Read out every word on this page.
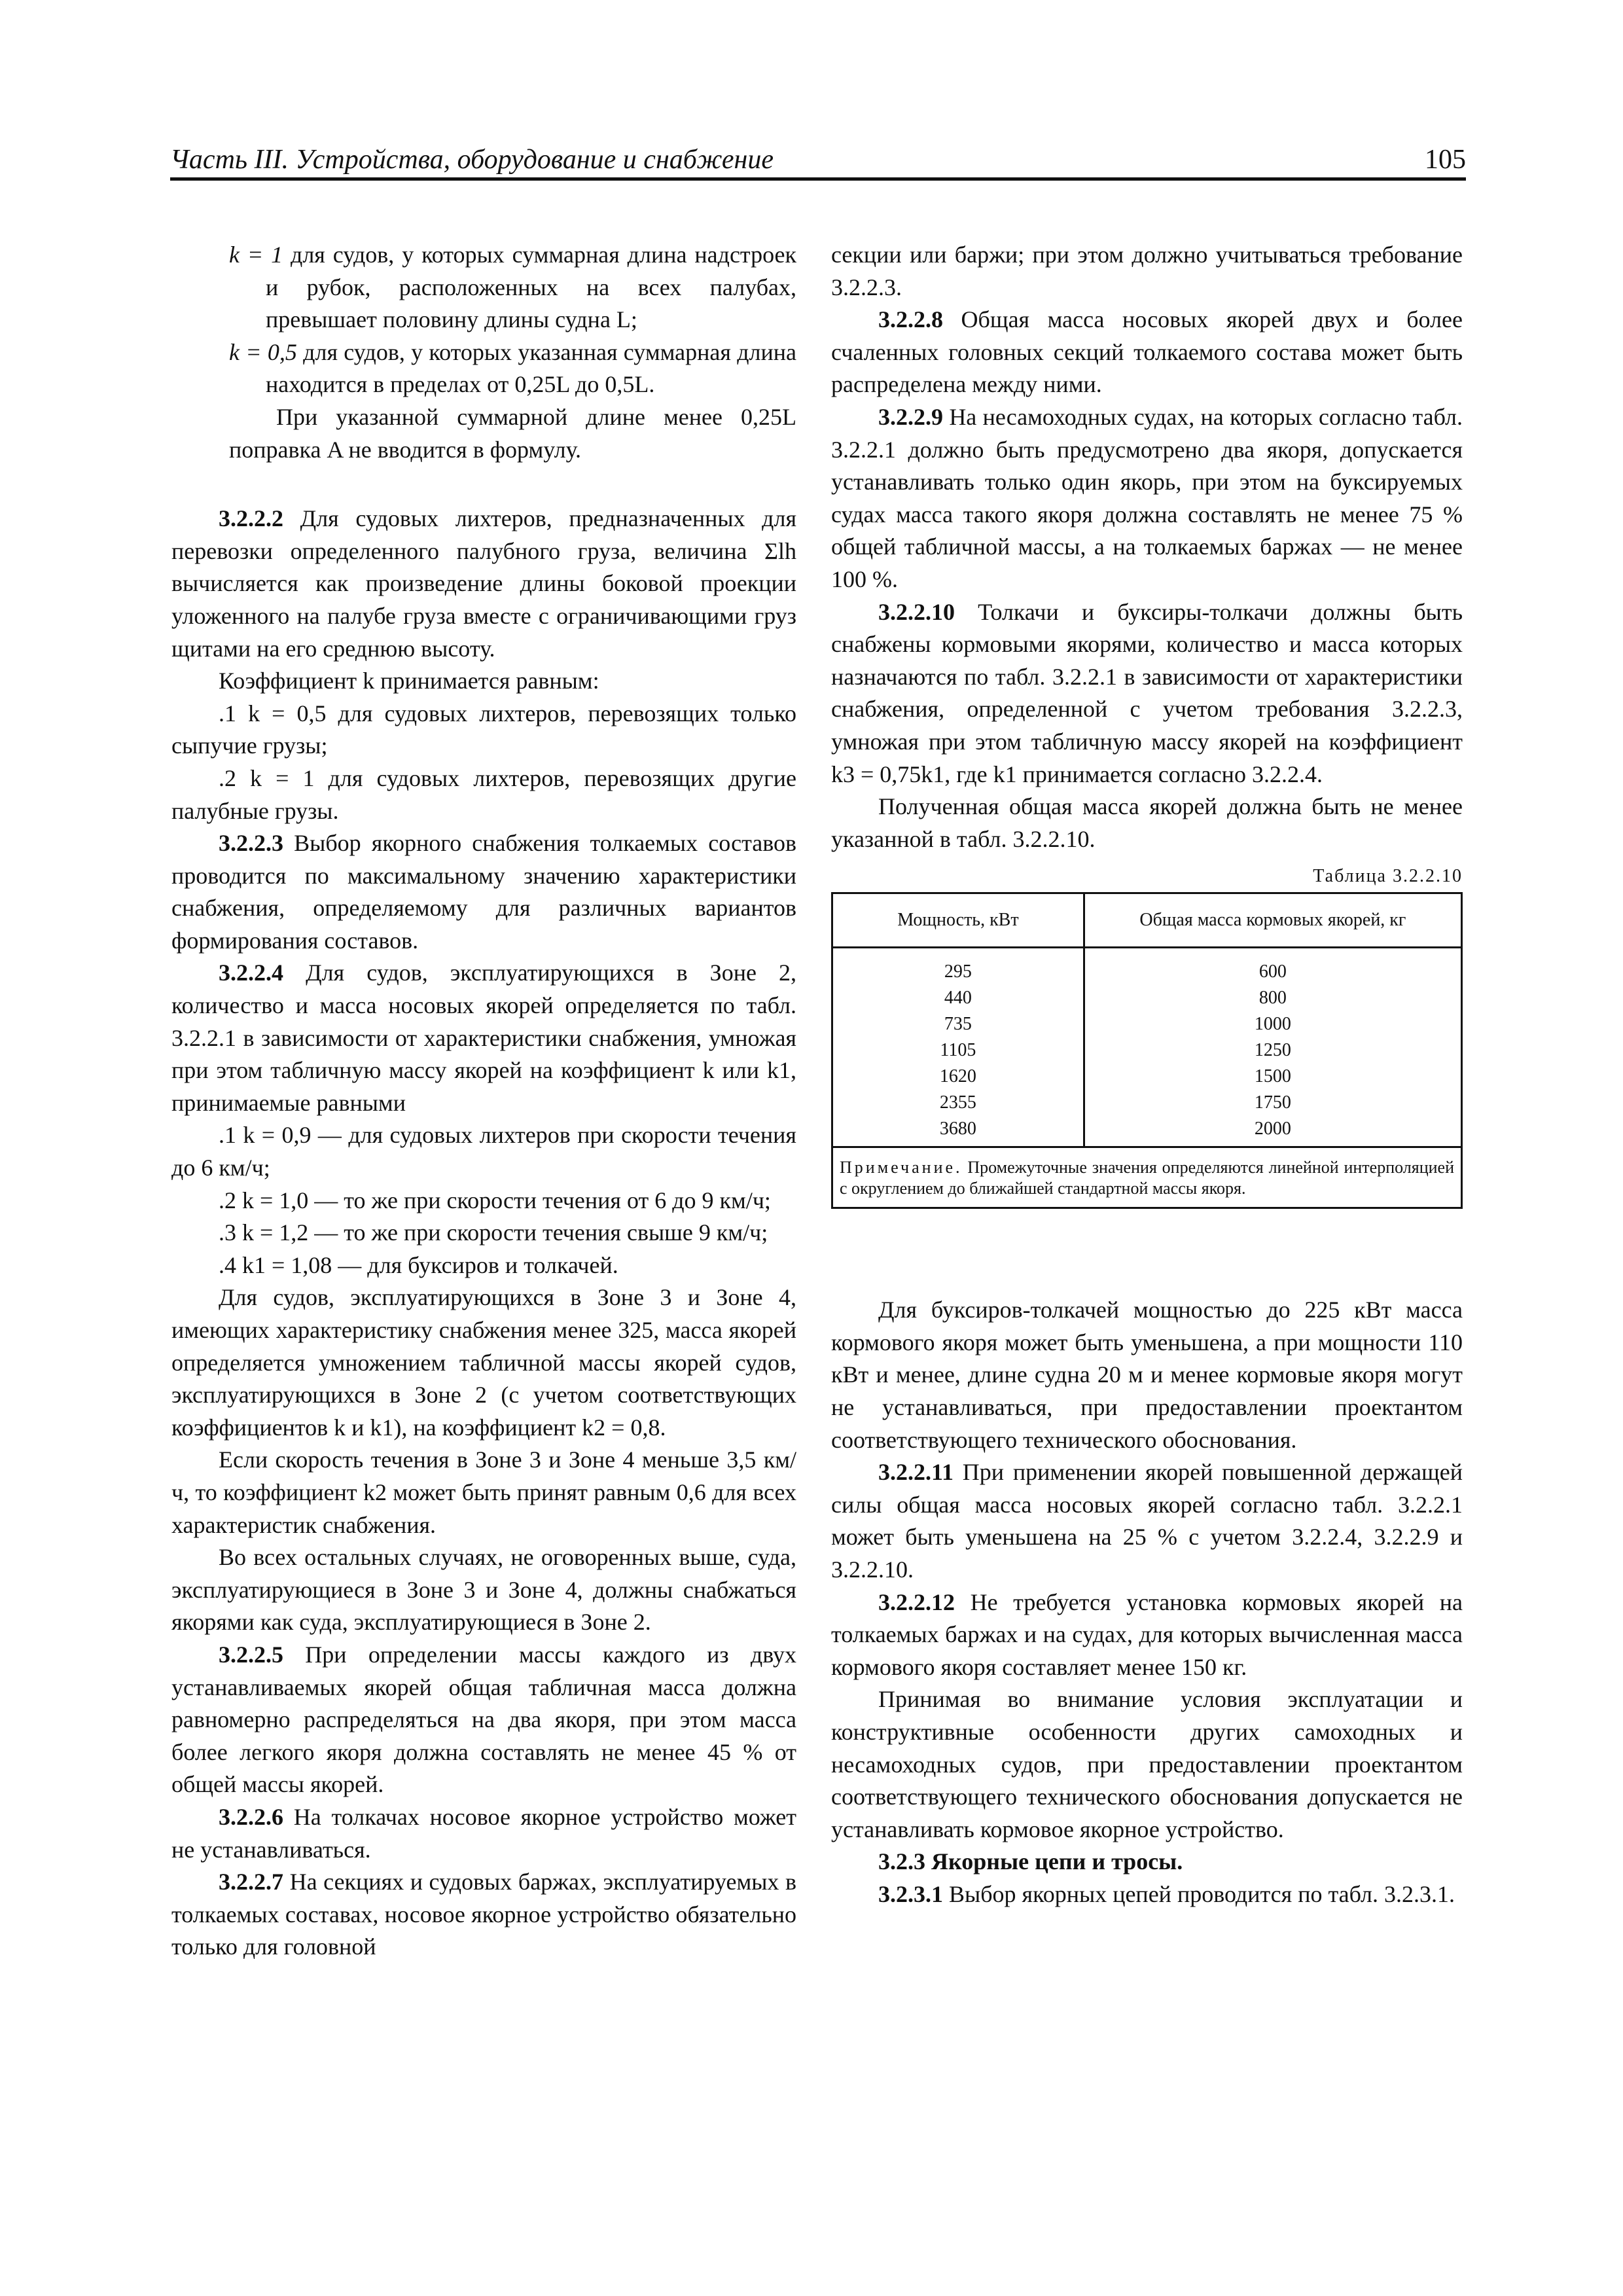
Часть III. Устройства, оборудование и снабжение	105

k = 1 для судов, у которых суммарная длина надстроек и рубок, расположенных на всех палубах, превышает половину длины судна L;

k = 0,5 для судов, у которых указанная суммарная длина находится в пределах от 0,25L до 0,5L.

При указанной суммарной длине менее 0,25L поправка A не вводится в формулу.

3.2.2.2 Для судовых лихтеров, предназначенных для перевозки определенного палубного груза, величина Σlh вычисляется как произведение длины боковой проекции уложенного на палубе груза вместе с ограничивающими груз щитами на его среднюю высоту.

Коэффициент k принимается равным:

.1 k = 0,5 для судовых лихтеров, перевозящих только сыпучие грузы;

.2 k = 1 для судовых лихтеров, перевозящих другие палубные грузы.

3.2.2.3 Выбор якорного снабжения толкаемых составов проводится по максимальному значению характеристики снабжения, определяемому для различных вариантов формирования составов.

3.2.2.4 Для судов, эксплуатирующихся в Зоне 2, количество и масса носовых якорей определяется по табл. 3.2.2.1 в зависимости от характеристики снабжения, умножая при этом табличную массу якорей на коэффициент k или k1, принимаемые равными

.1 k = 0,9 — для судовых лихтеров при скорости течения до 6 км/ч;

.2 k = 1,0 — то же при скорости течения от 6 до 9 км/ч;

.3 k = 1,2 — то же при скорости течения свыше 9 км/ч;

.4 k1 = 1,08 — для буксиров и толкачей.

Для судов, эксплуатирующихся в Зоне 3 и Зоне 4, имеющих характеристику снабжения менее 325, масса якорей определяется умножением табличной массы якорей судов, эксплуатирующихся в Зоне 2 (с учетом соответствующих коэффициентов k и k1), на коэффициент k2 = 0,8.

Если скорость течения в Зоне 3 и Зоне 4 меньше 3,5 км/ч, то коэффициент k2 может быть принят равным 0,6 для всех характеристик снабжения.

Во всех остальных случаях, не оговоренных выше, суда, эксплуатирующиеся в Зоне 3 и Зоне 4, должны снабжаться якорями как суда, эксплуатирующиеся в Зоне 2.

3.2.2.5 При определении массы каждого из двух устанавливаемых якорей общая табличная масса должна равномерно распределяться на два якоря, при этом масса более легкого якоря должна составлять не менее 45 % от общей массы якорей.

3.2.2.6 На толкачах носовое якорное устройство может не устанавливаться.

3.2.2.7 На секциях и судовых баржах, эксплуатируемых в толкаемых составах, носовое якорное устройство обязательно только для головной

секции или баржи; при этом должно учитываться требование 3.2.2.3.

3.2.2.8 Общая масса носовых якорей двух и более счаленных головных секций толкаемого состава может быть распределена между ними.

3.2.2.9 На несамоходных судах, на которых согласно табл. 3.2.2.1 должно быть предусмотрено два якоря, допускается устанавливать только один якорь, при этом на буксируемых судах масса такого якоря должна составлять не менее 75 % общей табличной массы, а на толкаемых баржах — не менее 100 %.

3.2.2.10 Толкачи и буксиры-толкачи должны быть снабжены кормовыми якорями, количество и масса которых назначаются по табл. 3.2.2.1 в зависимости от характеристики снабжения, определенной с учетом требования 3.2.2.3, умножая при этом табличную массу якорей на коэффициент k3 = 0,75k1, где k1 принимается согласно 3.2.2.4.

Полученная общая масса якорей должна быть не менее указанной в табл. 3.2.2.10.

Таблица 3.2.2.10
Мощность, кВт	Общая масса кормовых якорей, кг
295	600
440	800
735	1000
1105	1250
1620	1500
2355	1750
3680	2000
Примечание. Промежуточные значения определяются линейной интерполяцией с округлением до ближайшей стандартной массы якоря.	

Для буксиров-толкачей мощностью до 225 кВт масса кормового якоря может быть уменьшена, а при мощности 110 кВт и менее, длине судна 20 м и менее кормовые якоря могут не устанавливаться, при предоставлении проектантом соответствующего технического обоснования.

3.2.2.11 При применении якорей повышенной держащей силы общая масса носовых якорей согласно табл. 3.2.2.1 может быть уменьшена на 25 % с учетом 3.2.2.4, 3.2.2.9 и 3.2.2.10.

3.2.2.12 Не требуется установка кормовых якорей на толкаемых баржах и на судах, для которых вычисленная масса кормового якоря составляет менее 150 кг.

Принимая во внимание условия эксплуатации и конструктивные особенности других самоходных и несамоходных судов, при предоставлении проектантом соответствующего технического обоснования допускается не устанавливать кормовое якорное устройство.

3.2.3 Якорные цепи и тросы.

3.2.3.1 Выбор якорных цепей проводится по табл. 3.2.3.1.
